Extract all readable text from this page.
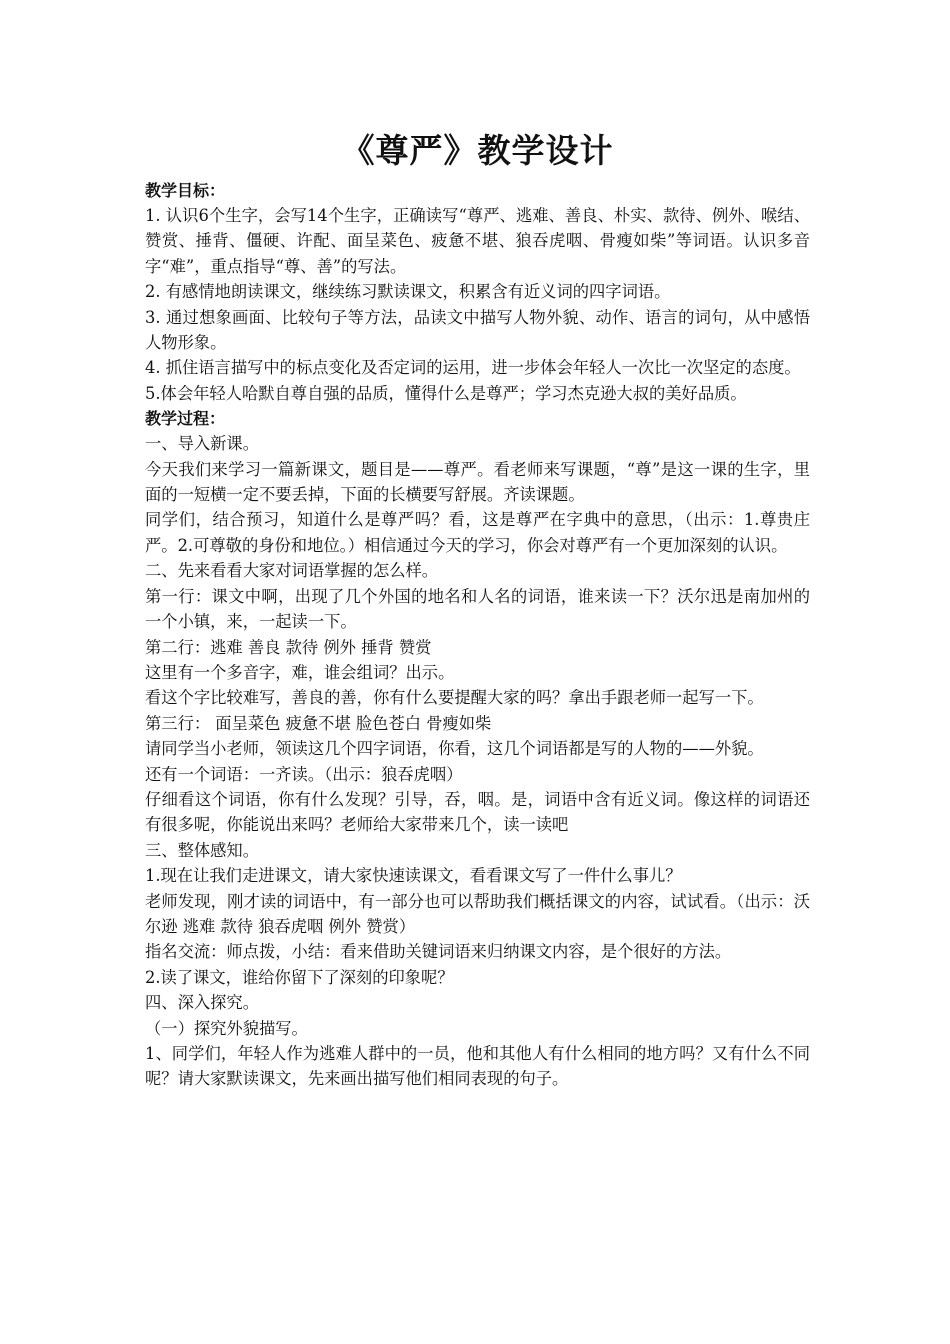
《尊严》教学设计

教学目标：

1. 认识6个生字，会写14个生字，正确读写“尊严、逃难、善良、朴实、款待、例外、喉结、赞赏、捶背、僵硬、许配、面呈菜色、疲惫不堪、狼吞虎咽、骨瘦如柴”等词语。认识多音字“难”，重点指导“尊、善”的写法。

2. 有感情地朗读课文，继续练习默读课文，积累含有近义词的四字词语。

3. 通过想象画面、比较句子等方法，品读文中描写人物外貌、动作、语言的词句，从中感悟人物形象。

4. 抓住语言描写中的标点变化及否定词的运用，进一步体会年轻人一次比一次坚定的态度。

5.体会年轻人哈默自尊自强的品质，懂得什么是尊严；学习杰克逊大叔的美好品质。

教学过程：

一、导入新课。

今天我们来学习一篇新课文，题目是——尊严。看老师来写课题，“尊”是这一课的生字，里面的一短横一定不要丢掉，下面的长横要写舒展。齐读课题。

同学们，结合预习，知道什么是尊严吗？看，这是尊严在字典中的意思，（出示：1.尊贵庄严。2.可尊敬的身份和地位。）相信通过今天的学习，你会对尊严有一个更加深刻的认识。

二、先来看看大家对词语掌握的怎么样。

第一行：课文中啊，出现了几个外国的地名和人名的词语，谁来读一下？沃尔迅是南加州的一个小镇，来，一起读一下。

第二行：逃难 善良 款待 例外 捶背 赞赏

这里有一个多音字，难，谁会组词？出示。

看这个字比较难写，善良的善，你有什么要提醒大家的吗？拿出手跟老师一起写一下。

第三行： 面呈菜色 疲惫不堪 脸色苍白 骨瘦如柴

请同学当小老师，领读这几个四字词语，你看，这几个词语都是写的人物的——外貌。

还有一个词语：一齐读。（出示：狼吞虎咽）

仔细看这个词语，你有什么发现？引导，吞，咽。是，词语中含有近义词。像这样的词语还有很多呢，你能说出来吗？老师给大家带来几个，读一读吧

三、整体感知。

1.现在让我们走进课文，请大家快速读课文，看看课文写了一件什么事儿？

老师发现，刚才读的词语中，有一部分也可以帮助我们概括课文的内容，试试看。（出示：沃尔逊 逃难 款待 狼吞虎咽 例外 赞赏）

指名交流：师点拨，小结：看来借助关键词语来归纳课文内容，是个很好的方法。

2.读了课文，谁给你留下了深刻的印象呢？

四、深入探究。

（一）探究外貌描写。

1、同学们，年轻人作为逃难人群中的一员，他和其他人有什么相同的地方吗？又有什么不同呢？请大家默读课文，先来画出描写他们相同表现的句子。
